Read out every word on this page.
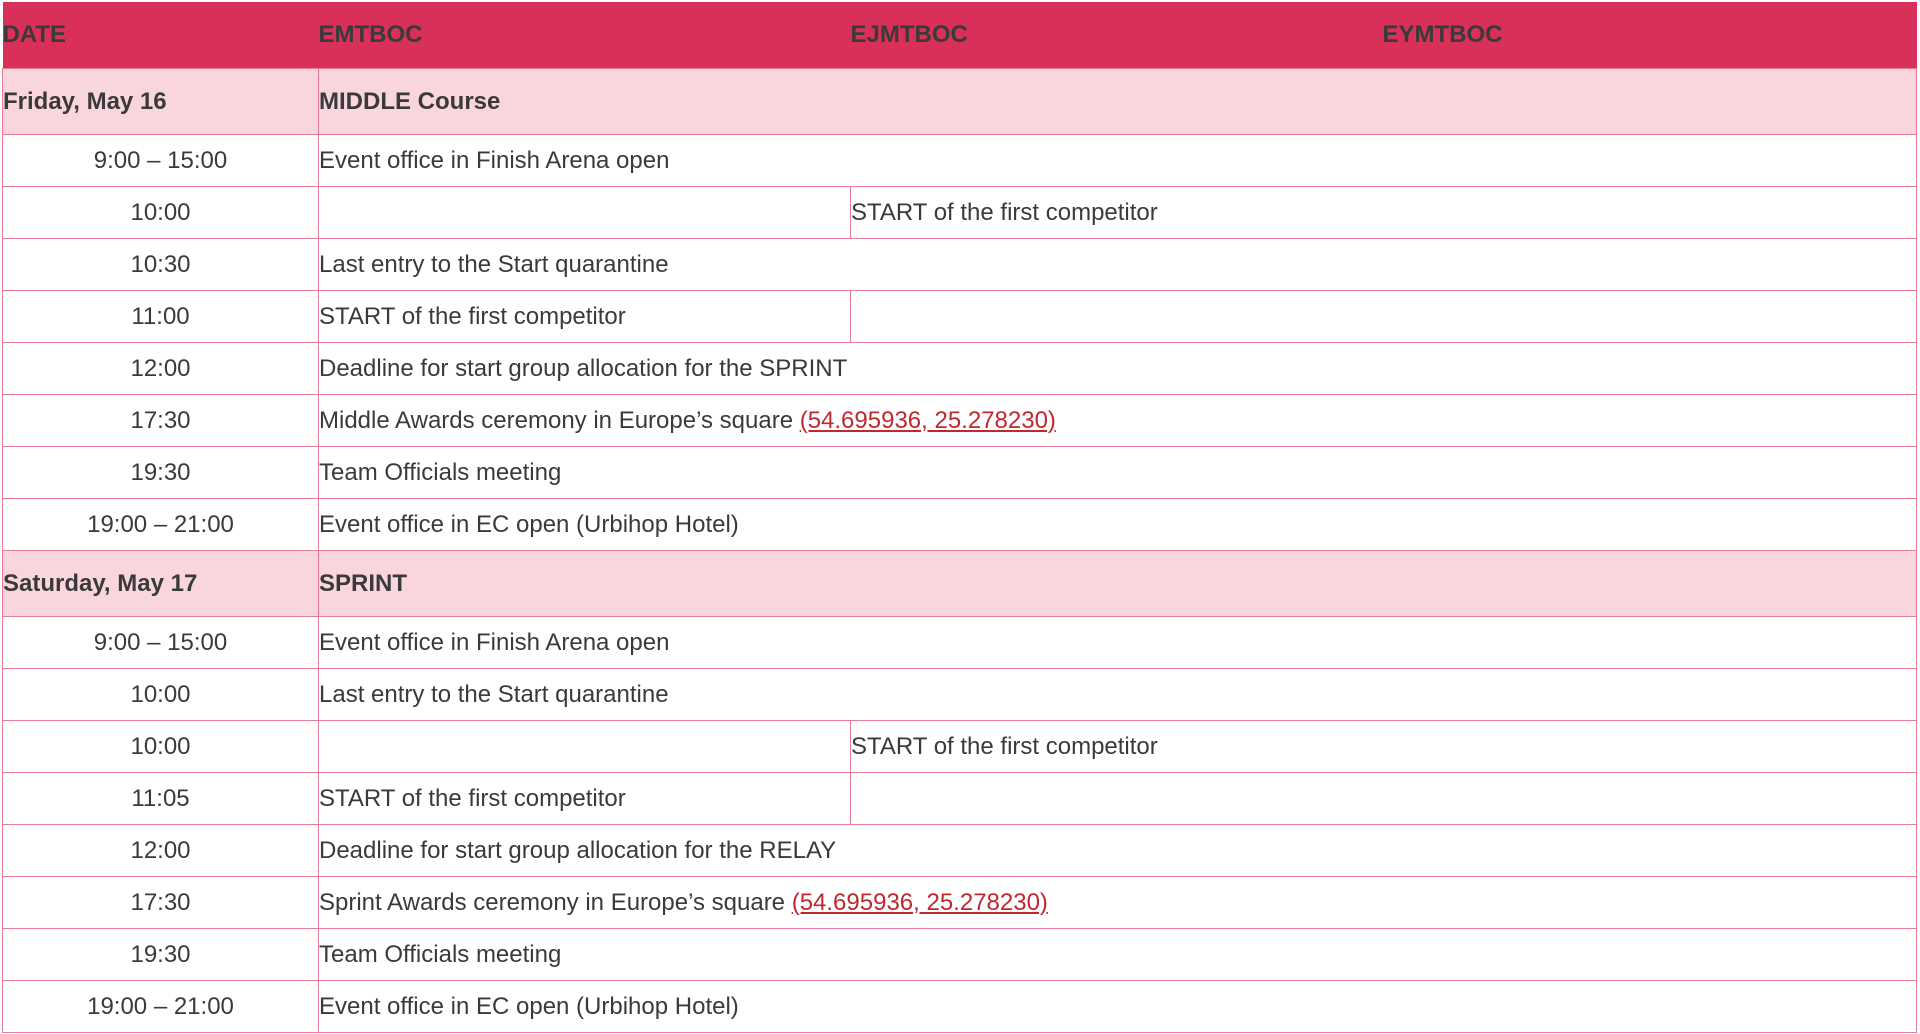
DATE	EMTBOC	EJMTBOC	EYMTBOC
Friday, May 16	MIDDLE Course		
9:00 – 15:00	Event office in Finish Arena open		
10:00		START of the first competitor	
10:30	Last entry to the Start quarantine		
11:00	START of the first competitor		
12:00	Deadline for start group allocation for the SPRINT		
17:30	Middle Awards ceremony in Europe’s square (54.695936, 25.278230)		
19:30	Team Officials meeting		
19:00 – 21:00	Event office in EC open (Urbihop Hotel)		
Saturday, May 17	SPRINT		
9:00 – 15:00	Event office in Finish Arena open		
10:00	Last entry to the Start quarantine		
10:00		START of the first competitor	
11:05	START of the first competitor		
12:00	Deadline for start group allocation for the RELAY		
17:30	Sprint Awards ceremony in Europe’s square (54.695936, 25.278230)		
19:30	Team Officials meeting		
19:00 – 21:00	Event office in EC open (Urbihop Hotel)		
